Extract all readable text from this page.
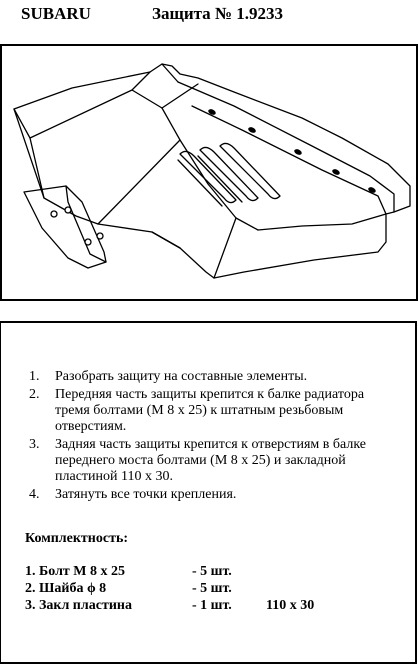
SUBARU	Защита № 1.9233
1. Разобрать защиту на составные элементы.
2. Передняя часть защиты крепится к балке радиатора тремя болтами (М 8 х 25) к штатным резьбовым отверстиям.
3. Задняя часть защиты крепится к отверстиям в балке переднего моста болтами (М 8 х 25) и закладной пластиной 110 х 30.
4. Затянуть все точки крепления.
Комплектность:
1. Болт М 8 х 25	- 5 шт.
2. Шайба ϕ 8	- 5 шт.
3. Закл пластина	- 1 шт. 110 х 30
